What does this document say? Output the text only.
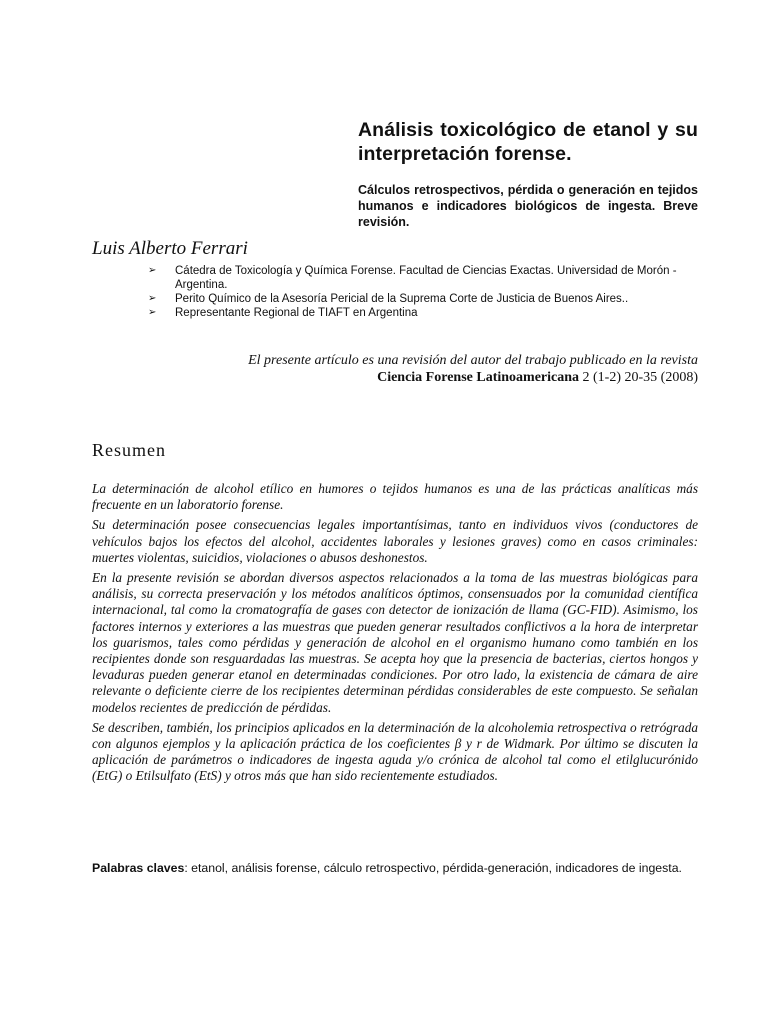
Análisis toxicológico de etanol y su interpretación forense.

Cálculos retrospectivos, pérdida o generación en tejidos humanos e indicadores biológicos de ingesta. Breve revisión.

Luis Alberto Ferrari

➢ Cátedra de Toxicología y Química Forense. Facultad de Ciencias Exactas. Universidad de Morón - Argentina.
➢ Perito Químico de la Asesoría Pericial de la Suprema Corte de Justicia de Buenos Aires..
➢ Representante Regional de TIAFT en Argentina

El presente artículo es una revisión del autor del trabajo publicado en la revista
Ciencia Forense Latinoamericana 2 (1-2) 20-35 (2008)

Resumen

La determinación de alcohol etílico en humores o tejidos humanos es una de las prácticas analíticas más frecuente en un laboratorio forense.

Su determinación posee consecuencias legales importantísimas, tanto en individuos vivos (conductores de vehículos bajos los efectos del alcohol, accidentes laborales y lesiones graves) como en casos criminales: muertes violentas, suicidios, violaciones o abusos deshonestos.

En la presente revisión se abordan diversos aspectos relacionados a la toma de las muestras biológicas para análisis, su correcta preservación y los métodos analíticos óptimos, consensuados por la comunidad científica internacional, tal como la cromatografía de gases con detector de ionización de llama (GC-FID). Asimismo, los factores internos y exteriores a las muestras que pueden generar resultados conflictivos a la hora de interpretar los guarismos, tales como pérdidas y generación de alcohol en el organismo humano como también en los recipientes donde son resguardadas las muestras. Se acepta hoy que la presencia de bacterias, ciertos hongos y levaduras pueden generar etanol en determinadas condiciones. Por otro lado, la existencia de cámara de aire relevante o deficiente cierre de los recipientes determinan pérdidas considerables de este compuesto. Se señalan modelos recientes de predicción de pérdidas.

Se describen, también, los principios aplicados en la determinación de la alcoholemia retrospectiva o retrógrada con algunos ejemplos y la aplicación práctica de los coeficientes β y r de Widmark. Por último se discuten la aplicación de parámetros o indicadores de ingesta aguda y/o crónica de alcohol tal como el etilglucurónido (EtG) o Etilsulfato (EtS) y otros más que han sido recientemente estudiados.

Palabras claves: etanol, análisis forense, cálculo retrospectivo, pérdida-generación, indicadores de ingesta.
